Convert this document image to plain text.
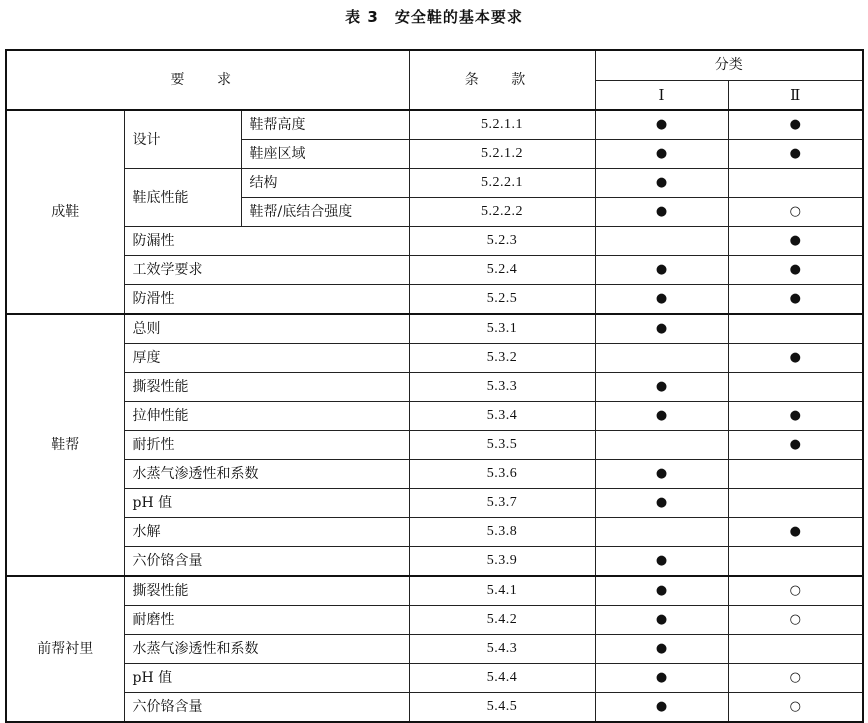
表 3　安全鞋的基本要求
要 求			条 款	分类	
				Ⅰ	Ⅱ
成鞋	设计	鞋帮高度	5.2.1.1	●	●
		鞋座区域	5.2.1.2	●	●
	鞋底性能	结构	5.2.2.1	●	
		鞋帮/底结合强度	5.2.2.2	●	○
	防漏性		5.2.3		●
	工效学要求		5.2.4	●	●
	防滑性		5.2.5	●	●
鞋帮	总则		5.3.1	●	
	厚度		5.3.2		●
	撕裂性能		5.3.3	●	
	拉伸性能		5.3.4	●	●
	耐折性		5.3.5		●
	水蒸气渗透性和系数		5.3.6	●	
	pH 值		5.3.7	●	
	水解		5.3.8		●
	六价铬含量		5.3.9	●	
前帮衬里	撕裂性能		5.4.1	●	○
	耐磨性		5.4.2	●	○
	水蒸气渗透性和系数		5.4.3	●	
	pH 值		5.4.4	●	○
	六价铬含量		5.4.5	●	○
